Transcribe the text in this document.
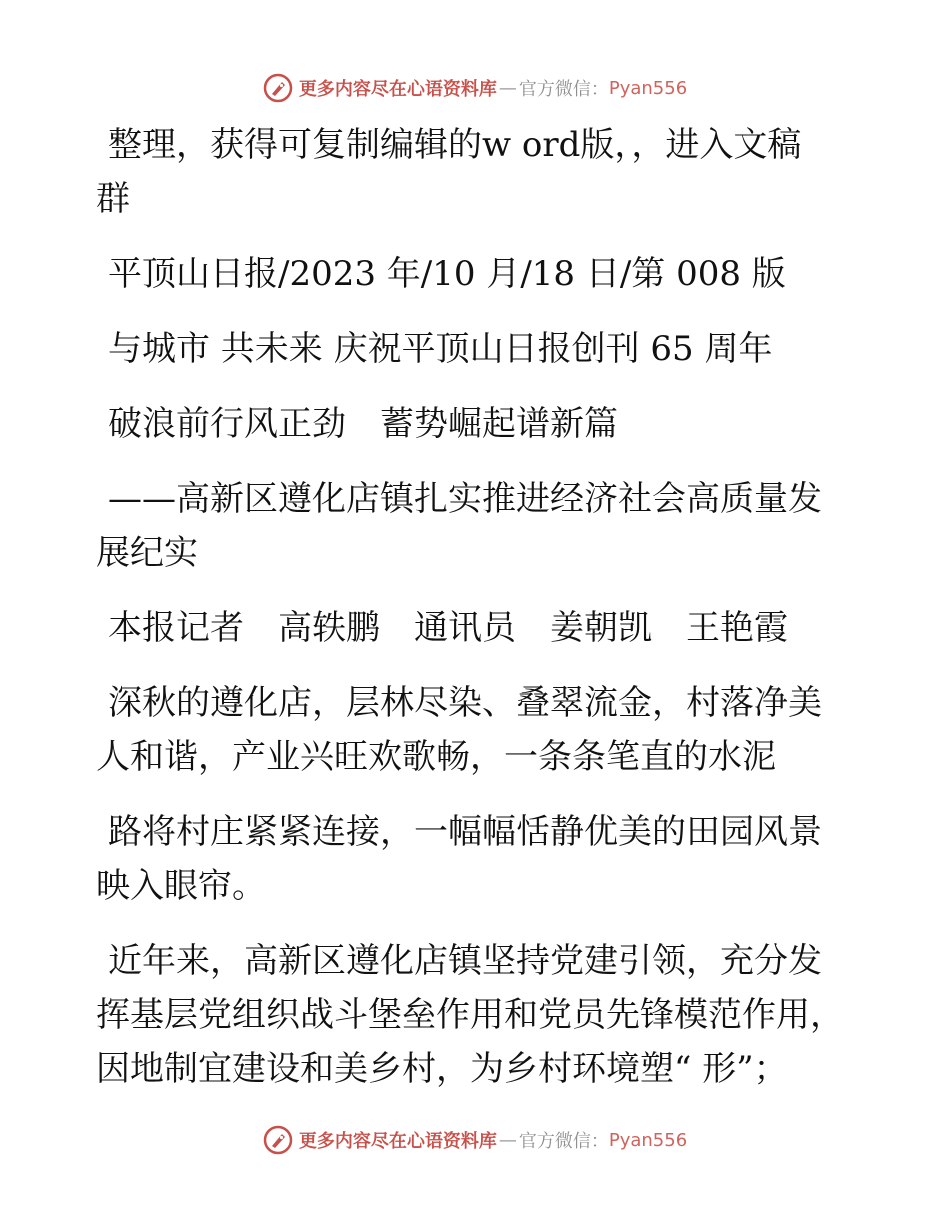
更多内容尽在心语资料库 — 官方微信： Pyan556
整理，获得可复制编辑的w ord版，，进入文稿
群
平顶山日报/2023 年/10 月/18 日/第 008 版
与城市 共未来 庆祝平顶山日报创刊 65 周年
破浪前行风正劲　蓄势崛起谱新篇
——高新区遵化店镇扎实推进经济社会高质量发
展纪实
本报记者　高轶鹏　通讯员　姜朝凯　王艳霞
深秋的遵化店，层林尽染、叠翠流金，村落净美
人和谐，产业兴旺欢歌畅，一条条笔直的水泥
路将村庄紧紧连接，一幅幅恬静优美的田园风景
映入眼帘。
近年来，高新区遵化店镇坚持党建引领，充分发
挥基层党组织战斗堡垒作用和党员先锋模范作用，
因地制宜建设和美乡村，为乡村环境塑“ 形”；
更多内容尽在心语资料库 — 官方微信： Pyan556
